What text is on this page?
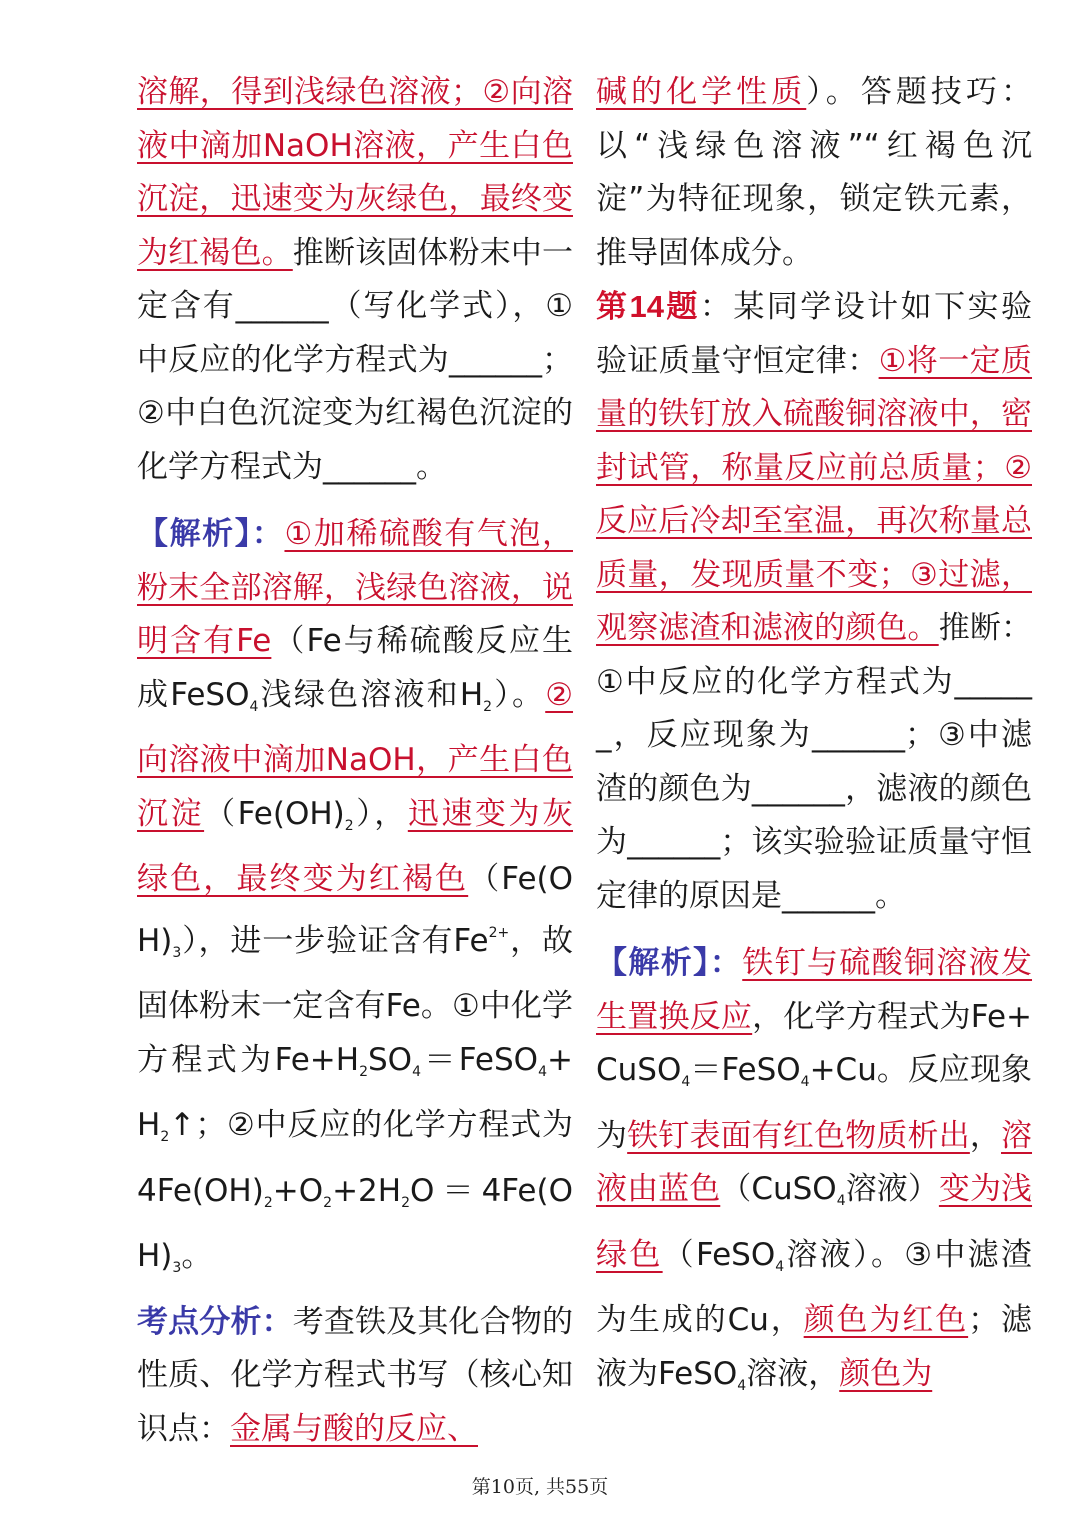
溶解，得到浅绿色溶液；②向溶液中滴加NaOH溶液，产生白色沉淀，迅速变为灰绿色，最终变为红褐色。推断该固体粉末中一定含有______（写化学式），①中反应的化学方程式为______；②中白色沉淀变为红褐色沉淀的化学方程式为______。

【解析】：①加稀硫酸有气泡，粉末全部溶解，浅绿色溶液，说明含有Fe（Fe与稀硫酸反应生成FeSO$_4$浅绿色溶液和$H_2$）。②向溶液中滴加NaOH，产生白色沉淀$(Fe(OH)_2)$，迅速变为灰绿色，最终变为红褐色$(Fe(OH)_3)$，进一步验证含有$Fe^{2+}$，故固体粉末一定含有Fe。①中化学方程式为$Fe+H_2SO_4=FeSO_4+H_2↑$；②中反应的化学方程式为$4Fe(OH)_2+O_2+2H_2O=4Fe(OH)_3$。

考点分析：考查铁及其化合物的性质、化学方程式书写（核心知识点：金属与酸的反应、

碱的化学性质）。答题技巧：以“浅绿色溶液”“红褐色沉淀”为特征现象，锁定铁元素，推导固体成分。

第14题：某同学设计如下实验验证质量守恒定律：①将一定质量的铁钉放入硫酸铜溶液中，密封试管，称量反应前总质量；②反应后冷却至室温，再次称量总质量，发现质量不变；③过滤，观察滤渣和滤液的颜色。推断：①中反应的化学方程式为______，反应现象为______；③中滤渣的颜色为______，滤液的颜色为______；该实验验证质量守恒定律的原因是______。

【解析】：铁钉与硫酸铜溶液发生置换反应，化学方程式为Fe+CuSO$_4$＝FeSO$_4$+Cu。反应现象为铁钉表面有红色物质析出，溶液由蓝色（CuSO$_4$溶液）变为浅绿色（FeSO$_4$溶液）。③中滤渣为生成的Cu，颜色为红色；滤液为FeSO$_4$溶液，颜色为

第10页, 共55页
